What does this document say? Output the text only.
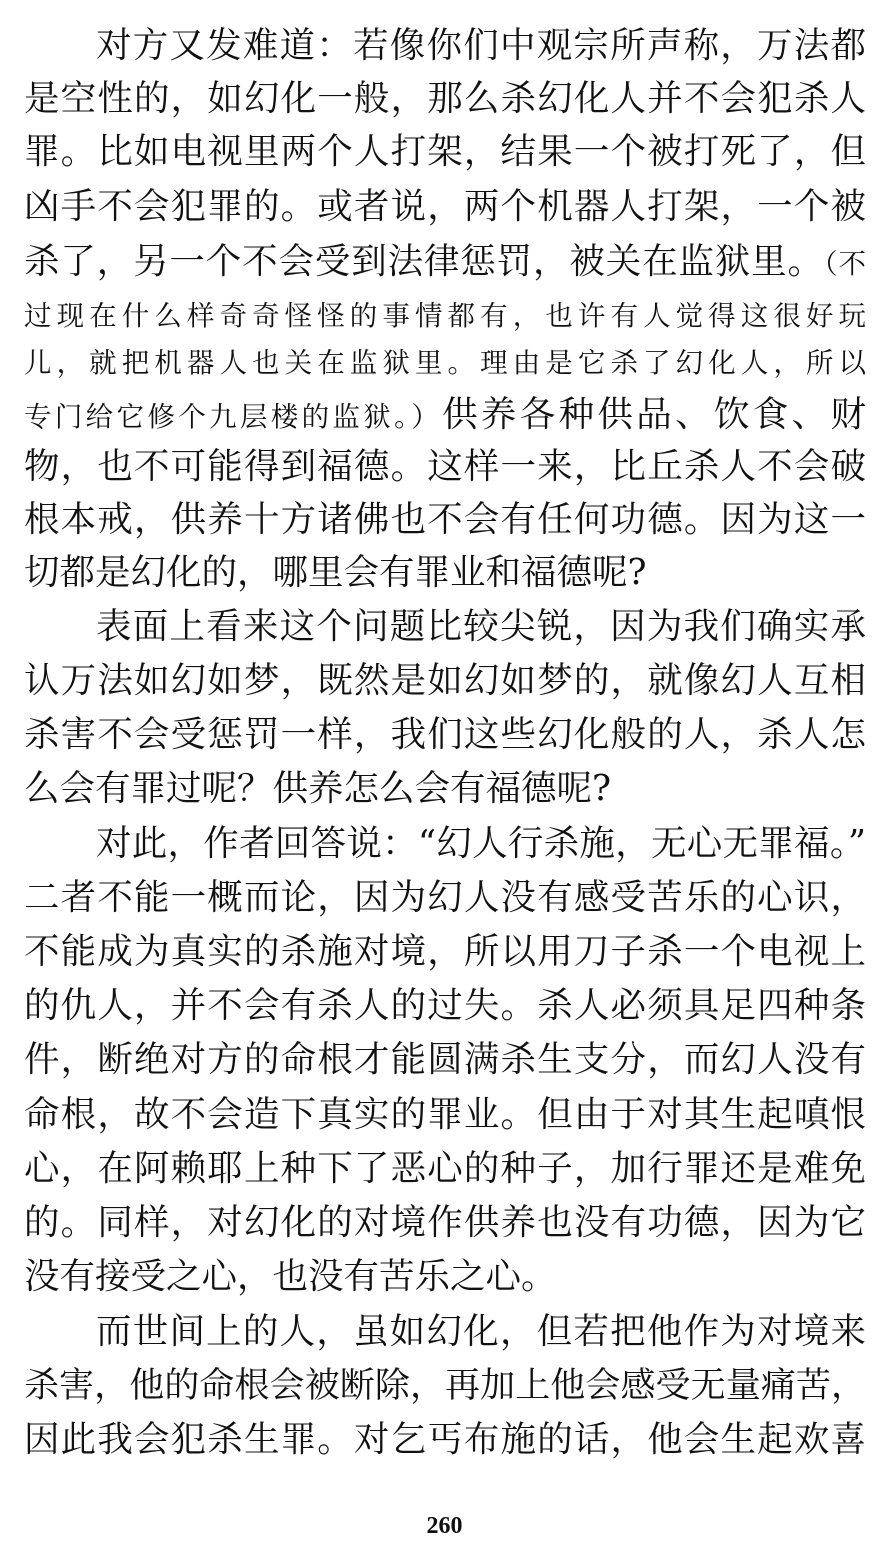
对方又发难道：若像你们中观宗所声称，万法都

是空性的，如幻化一般，那么杀幻化人并不会犯杀人

罪。比如电视里两个人打架，结果一个被打死了，但

凶手不会犯罪的。或者说，两个机器人打架，一个被

杀了，另一个不会受到法律惩罚，被关在监狱里。（不

过现在什么样奇奇怪怪的事情都有，也许有人觉得这很好玩

儿，就把机器人也关在监狱里。理由是它杀了幻化人，所以

专门给它修个九层楼的监狱。）供养各种供品、饮食、财

物，也不可能得到福德。这样一来，比丘杀人不会破

根本戒，供养十方诸佛也不会有任何功德。因为这一

切都是幻化的，哪里会有罪业和福德呢?

表面上看来这个问题比较尖锐，因为我们确实承

认万法如幻如梦，既然是如幻如梦的，就像幻人互相

杀害不会受惩罚一样，我们这些幻化般的人，杀人怎

么会有罪过呢？供养怎么会有福德呢?

对此，作者回答说：“幻人行杀施，无心无罪福。”

二者不能一概而论，因为幻人没有感受苦乐的心识，

不能成为真实的杀施对境，所以用刀子杀一个电视上

的仇人，并不会有杀人的过失。杀人必须具足四种条

件，断绝对方的命根才能圆满杀生支分，而幻人没有

命根，故不会造下真实的罪业。但由于对其生起嗔恨

心，在阿赖耶上种下了恶心的种子，加行罪还是难免

的。同样，对幻化的对境作供养也没有功德，因为它

没有接受之心，也没有苦乐之心。

而世间上的人，虽如幻化，但若把他作为对境来

杀害，他的命根会被断除，再加上他会感受无量痛苦，

因此我会犯杀生罪。对乞丐布施的话，他会生起欢喜

260
